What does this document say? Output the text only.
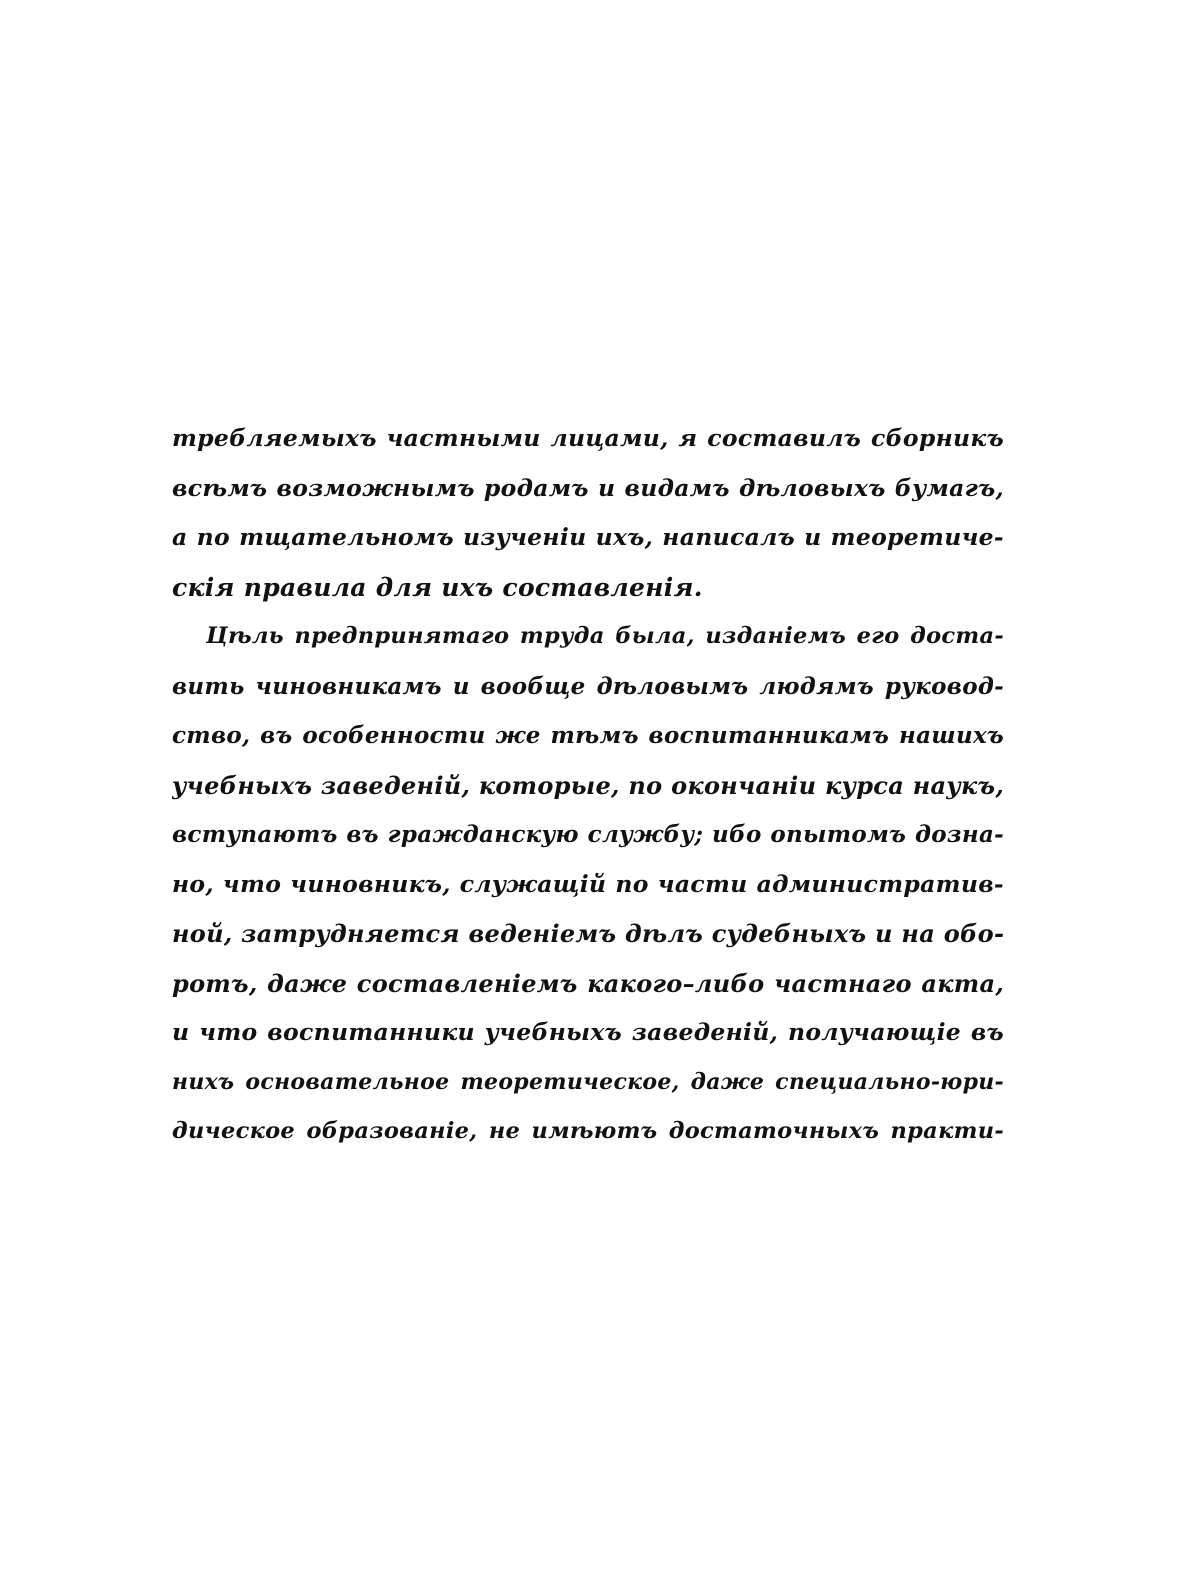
требляемыхъ частными лицами, я составилъ сборникъ
всѣмъ возможнымъ родамъ и видамъ дѣловыхъ бумагъ,
а по тщательномъ изученіи ихъ, написалъ и теоретиче-
скія правила для ихъ составленія.
Цѣль предпринятаго труда была, изданіемъ его доста-
вить чиновникамъ и вообще дѣловымъ людямъ руковод-
ство, въ особенности же тѣмъ воспитанникамъ нашихъ
учебныхъ заведеній, которые, по окончаніи курса наукъ,
вступаютъ въ гражданскую службу; ибо опытомъ дозна-
но, что чиновникъ, служащій по части административ-
ной, затрудняется веденіемъ дѣлъ судебныхъ и на обо-
ротъ, даже составленіемъ какого–либо частнаго акта,
и что воспитанники учебныхъ заведеній, получающіе въ
нихъ основательное теоретическое, даже специально-юри-
дическое образованіе, не имѣютъ достаточныхъ практи-
